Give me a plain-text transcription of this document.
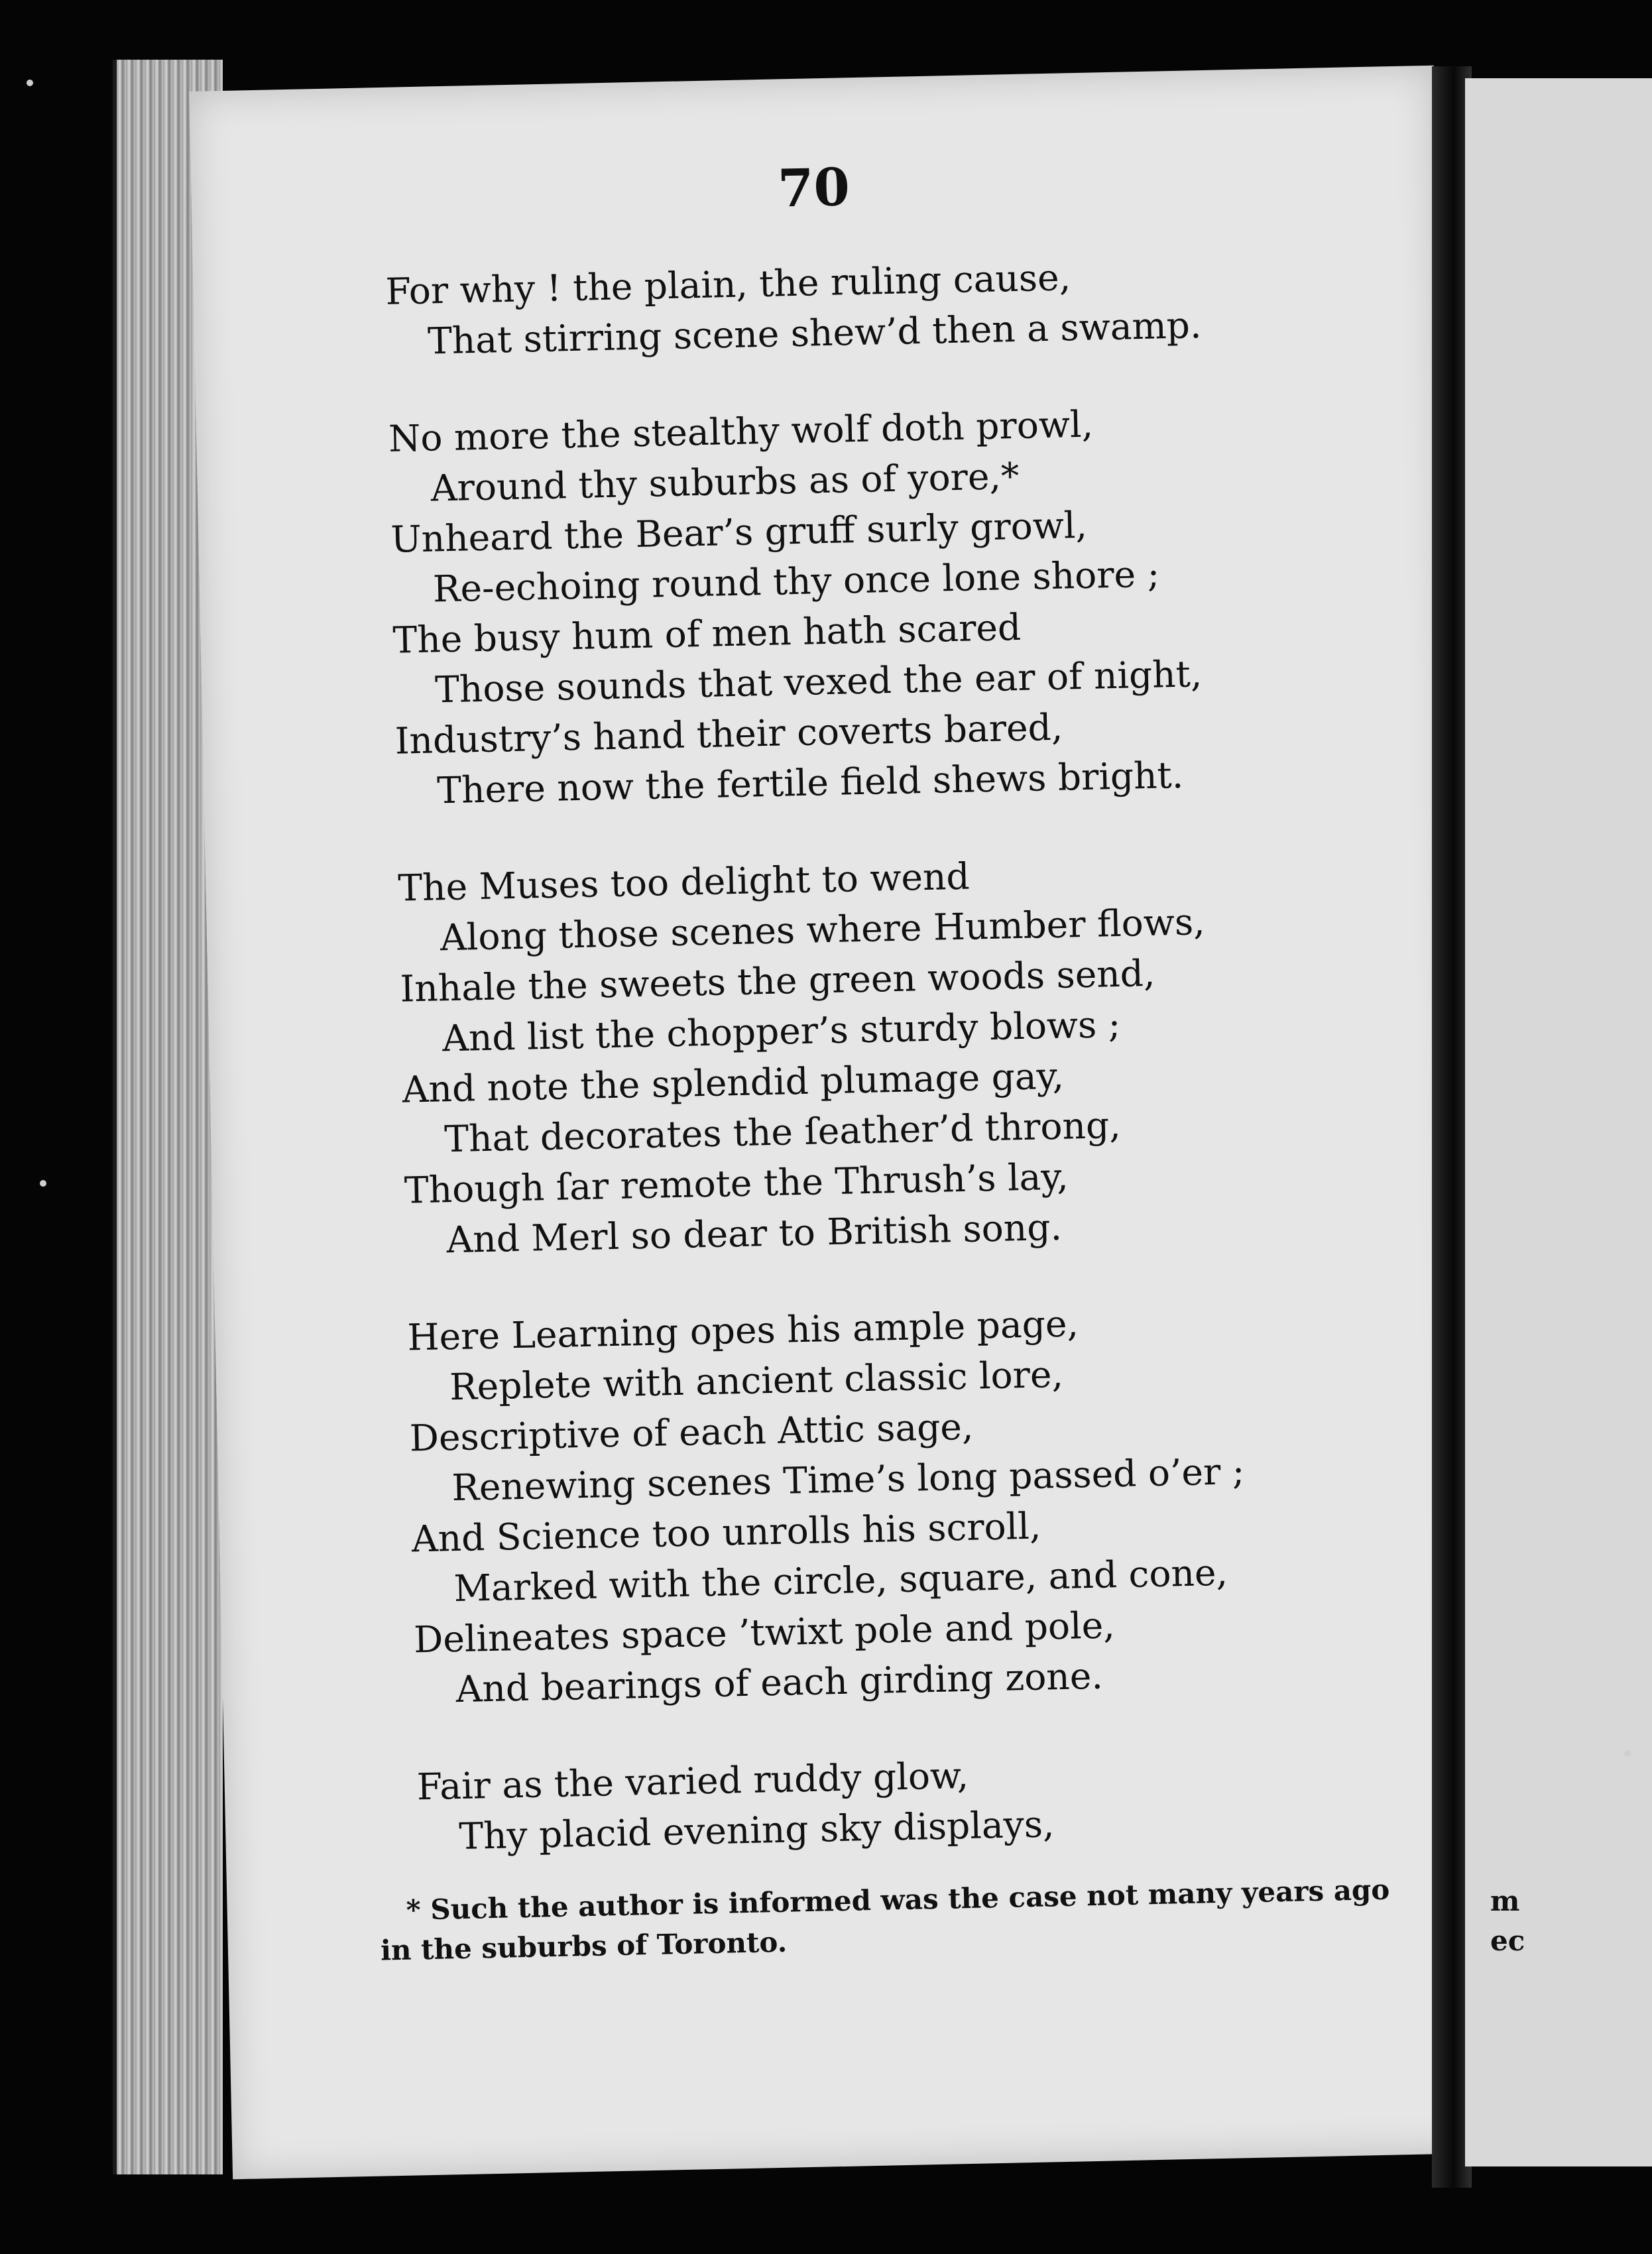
70
For why ! the plain, the ruling cause,
That stirring scene shew’d then a swamp.
No more the stealthy wolf doth prowl,
Around thy suburbs as of yore,*
Unheard the Bear’s gruff surly growl,
Re-echoing round thy once lone shore ;
The busy hum of men hath scared
Those sounds that vexed the ear of night,
Industry’s hand their coverts bared,
There now the fertile field shews bright.
The Muses too delight to wend
Along those scenes where Humber flows,
Inhale the sweets the green woods send,
And list the chopper’s sturdy blows ;
And note the splendid plumage gay,
That decorates the ſeather’d throng,
Though ſar remote the Thrush’s lay,
And Merl so dear to British song.
Here Learning opes his ample page,
Replete with ancient classic lore,
Descriptive of each Attic sage,
Renewing scenes Time’s long passed o’er ;
And Science too unrolls his scroll,
Marked with the circle, square, and cone,
Delineates space ’twixt pole and pole,
And bearings of each girding zone.
Fair as the varied ruddy glow,
Thy placid evening sky displays,
* Such the author is informed was the case not many years ago
in the suburbs of Toronto.
m
ec
